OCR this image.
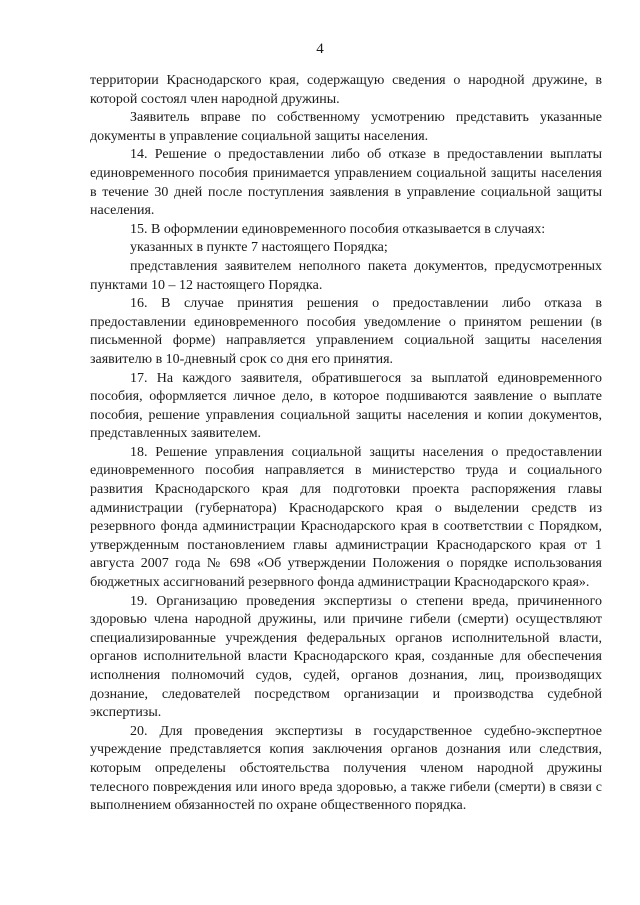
4

территории Краснодарского края, содержащую сведения о народной дружине, в которой состоял член народной дружины.

Заявитель вправе по собственному усмотрению представить указанные документы в управление социальной защиты населения.

14. Решение о предоставлении либо об отказе в предоставлении выплаты единовременного пособия принимается управлением социальной защиты населения в течение 30 дней после поступления заявления в управление социальной защиты населения.

15. В оформлении единовременного пособия отказывается в случаях:

указанных в пункте 7 настоящего Порядка;

представления заявителем неполного пакета документов, предусмотренных пунктами 10 – 12 настоящего Порядка.

16. В случае принятия решения о предоставлении либо отказа в предоставлении единовременного пособия уведомление о принятом решении (в письменной форме) направляется управлением социальной защиты населения заявителю в 10-дневный срок со дня его принятия.

17. На каждого заявителя, обратившегося за выплатой единовременного пособия, оформляется личное дело, в которое подшиваются заявление о выплате пособия, решение управления социальной защиты населения и копии документов, представленных заявителем.

18. Решение управления социальной защиты населения о предоставлении единовременного пособия направляется в министерство труда и социального развития Краснодарского края для подготовки проекта распоряжения главы администрации (губернатора) Краснодарского края о выделении средств из резервного фонда администрации Краснодарского края в соответствии с Порядком, утвержденным постановлением главы администрации Краснодарского края от 1 августа 2007 года № 698 «Об утверждении Положения о порядке использования бюджетных ассигнований резервного фонда администрации Краснодарского края».

19. Организацию проведения экспертизы о степени вреда, причиненного здоровью члена народной дружины, или причине гибели (смерти) осуществляют специализированные учреждения федеральных органов исполнительной власти, органов исполнительной власти Краснодарского края, созданные для обеспечения исполнения полномочий судов, судей, органов дознания, лиц, производящих дознание, следователей посредством организации и производства судебной экспертизы.

20. Для проведения экспертизы в государственное судебно-экспертное учреждение представляется копия заключения органов дознания или следствия, которым определены обстоятельства получения членом народной дружины телесного повреждения или иного вреда здоровью, а также гибели (смерти) в связи с выполнением обязанностей по охране общественного порядка.
